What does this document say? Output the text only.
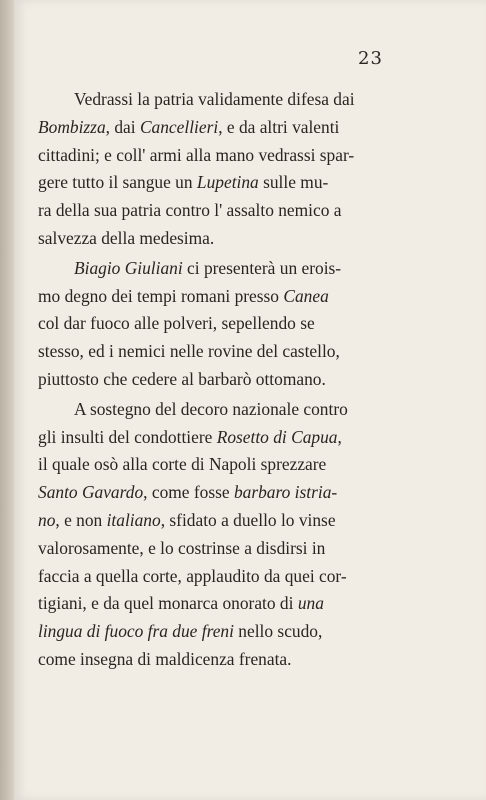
23
Vedrassi la patria validamente difesa dai
Bombizza, dai Cancellieri, e da altri valenti
cittadini; e coll' armi alla mano vedrassi spar-
gere tutto il sangue un Lupetina sulle mu-
ra della sua patria contro l' assalto nemico a
salvezza della medesima.
Biagio Giuliani ci presenterà un erois-
mo degno dei tempi romani presso Canea
col dar fuoco alle polveri, sepellendo se
stesso, ed i nemici nelle rovine del castello,
piuttosto che cedere al barbarò ottomano.
A sostegno del decoro nazionale contro
gli insulti del condottiere Rosetto di Capua,
il quale osò alla corte di Napoli sprezzare
Santo Gavardo, come fosse barbaro istria-
no, e non italiano, sfidato a duello lo vinse
valorosamente, e lo costrinse a disdirsi in
faccia a quella corte, applaudito da quei cor-
tigiani, e da quel monarca onorato di una
lingua di fuoco fra due freni nello scudo,
come insegna di maldicenza frenata.
